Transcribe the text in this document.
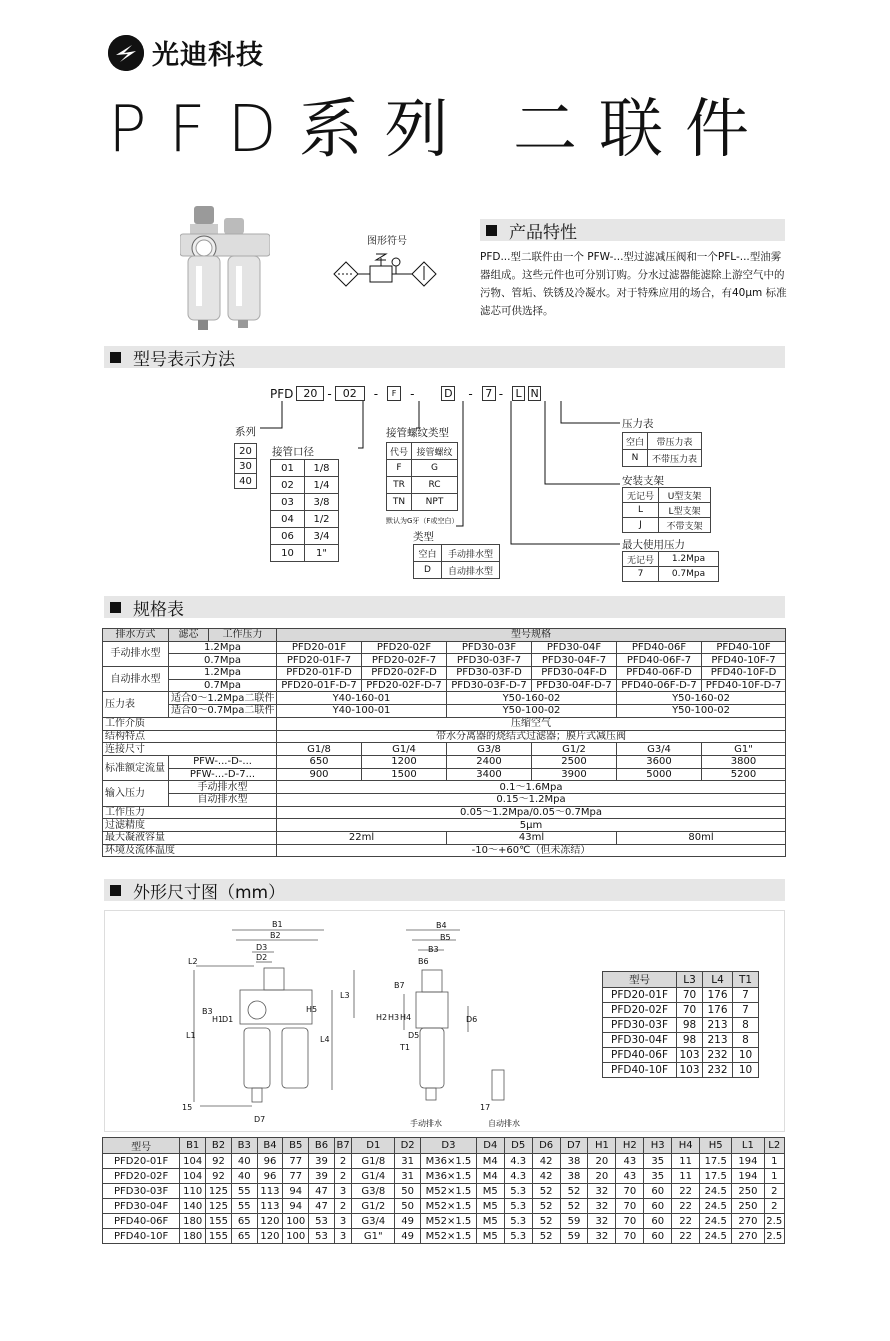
光迪科技
PFD系列 二联件
图形符号	产品特性
PFD...型二联件由一个 PFW-...型过滤减压阀和一个PFL-...型油雾器组成。这些元件也可分别订购。分水过滤器能滤除上游空气中的污物、管垢、铁锈及冷凝水。对于特殊应用的场合，有40μm 标准滤芯可供选择。
型号表示方法
PFD 20 -	02	-	F	-	D -	7 -	L N
系列
20
30
40
接管口径
01	1/8
02	1/4
03	3/8
04	1/2
06	3/4
10	1"
接管螺纹类型
代号	接管螺纹
F	G
TR	RC
TN	NPT
默认为G牙（F或空白）
类型
空白	手动排水型
D	自动排水型
压力表
空白	带压力表
N	不带压力表
安装支架
无记号	U型支架
L	L型支架
J	不带支架
最大使用压力
无记号	1.2Mpa
7	0.7Mpa
规格表
排水方式	滤芯	工作压力	型号规格					
手动排水型	1.2Mpa		PFD20-01F	PFD20-02F	PFD30-03F	PFD30-04F	PFD40-06F	PFD40-10F
	0.7Mpa		PFD20-01F-7	PFD20-02F-7	PFD30-03F-7	PFD30-04F-7	PFD40-06F-7	PFD40-10F-7
自动排水型	1.2Mpa		PFD20-01F-D	PFD20-02F-D	PFD30-03F-D	PFD30-04F-D	PFD40-06F-D	PFD40-10F-D
	0.7Mpa		PFD20-01F-D-7	PFD20-02F-D-7	PFD30-03F-D-7	PFD30-04F-D-7	PFD40-06F-D-7	PFD40-10F-D-7
压力表	适合0～1.2Mpa二联件		Y40-160-01		Y50-160-02		Y50-160-02	
	适合0～0.7Mpa二联件		Y40-100-01		Y50-100-02		Y50-100-02	
工作介质			压缩空气					
结构特点			带水分离器的烧结式过滤器；膜片式减压阀					
连接尺寸			G1/8	G1/4	G3/8	G1/2	G3/4	G1"
标准额定流量	PFW-...-D-...		650	1200	2400	2500	3600	3800
	PFW-...-D-7...		900	1500	3400	3900	5000	5200
输入压力	手动排水型		0.1～1.6Mpa					
	自动排水型		0.15～1.2Mpa					
工作压力			0.05～1.2Mpa/0.05～0.7Mpa					
过滤精度			5μm					
最大凝液容量			22ml		43ml		80ml	
环境及流体温度			-10～+60℃（但未冻结）					
外形尺寸图（mm）
B1
B2
D3
D2
L2
B3
H1
D1
H5
L3
L1	L4
15
D7
B4
B5
B3
B6
B7
H2 H3 H4	D6
D5
T1
17
手动排水	自动排水
型号	L3	L4	T1
PFD20-01F	70	176	7
PFD20-02F	70	176	7
PFD30-03F	98	213	8
PFD30-04F	98	213	8
PFD40-06F	103	232	10
PFD40-10F	103	232	10
型号	B1	B2	B3	B4	B5	B6	B7	D1	D2	D3	D4	D5	D6	D7	H1	H2	H3	H4	H5	L1	L2
PFD20-01F	104	92	40	96	77	39	2	G1/8	31	M36×1.5	M4	4.3	42	38	20	43	35	11	17.5	194	1
PFD20-02F	104	92	40	96	77	39	2	G1/4	31	M36×1.5	M4	4.3	42	38	20	43	35	11	17.5	194	1
PFD30-03F	110	125	55	113	94	47	3	G3/8	50	M52×1.5	M5	5.3	52	52	32	70	60	22	24.5	250	2
PFD30-04F	140	125	55	113	94	47	2	G1/2	50	M52×1.5	M5	5.3	52	52	32	70	60	22	24.5	250	2
PFD40-06F	180	155	65	120	100	53	3	G3/4	49	M52×1.5	M5	5.3	52	59	32	70	60	22	24.5	270	2.5
PFD40-10F	180	155	65	120	100	53	3	G1"	49	M52×1.5	M5	5.3	52	59	32	70	60	22	24.5	270	2.5
